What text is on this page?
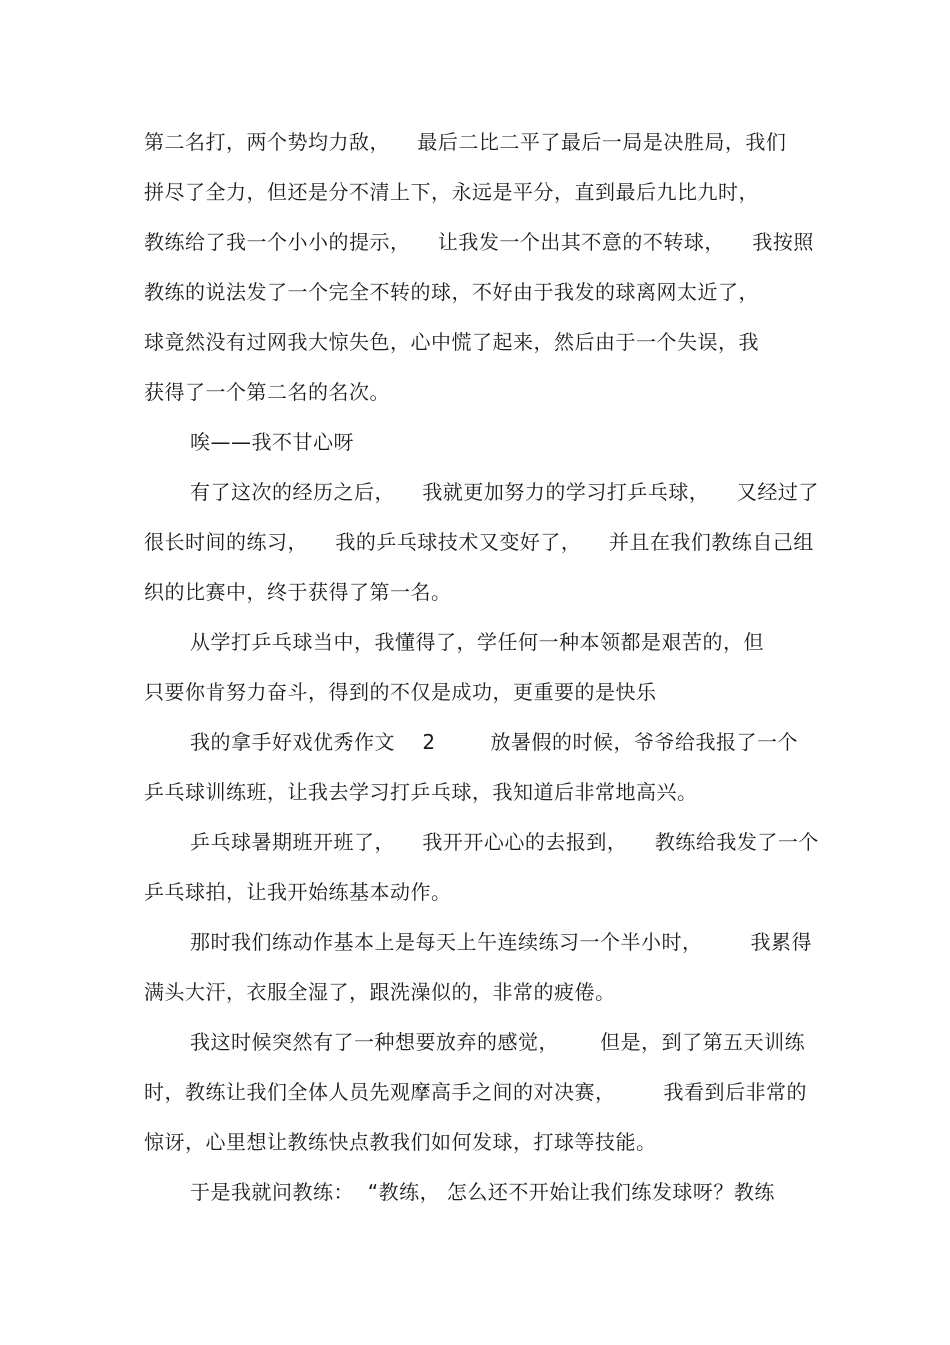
第二名打，两个势均力敌，    最后二比二平了最后一局是决胜局，我们
拼尽了全力，但还是分不清上下，永远是平分，直到最后九比九时，
教练给了我一个小小的提示，    让我发一个出其不意的不转球，    我按照
教练的说法发了一个完全不转的球，不好由于我发的球离网太近了，
球竟然没有过网我大惊失色，心中慌了起来，然后由于一个失误，我
获得了一个第二名的名次。
唉——我不甘心呀
有了这次的经历之后，    我就更加努力的学习打乒乓球，    又经过了
很长时间的练习，    我的乒乓球技术又变好了，    并且在我们教练自己组
织的比赛中，终于获得了第一名。
从学打乒乓球当中，我懂得了，学任何一种本领都是艰苦的，但
只要你肯努力奋斗，得到的不仅是成功，更重要的是快乐
我的拿手好戏优秀作文    2        放暑假的时候，爷爷给我报了一个
乒乓球训练班，让我去学习打乒乓球，我知道后非常地高兴。
乒乓球暑期班开班了，    我开开心心的去报到，    教练给我发了一个
乒乓球拍，让我开始练基本动作。
那时我们练动作基本上是每天上午连续练习一个半小时，       我累得
满头大汗，衣服全湿了，跟洗澡似的，非常的疲倦。
我这时候突然有了一种想要放弃的感觉，      但是，到了第五天训练
时，教练让我们全体人员先观摩高手之间的对决赛，       我看到后非常的
惊讶，心里想让教练快点教我们如何发球，打球等技能。
于是我就问教练：  “教练， 怎么还不开始让我们练发球呀？教练
